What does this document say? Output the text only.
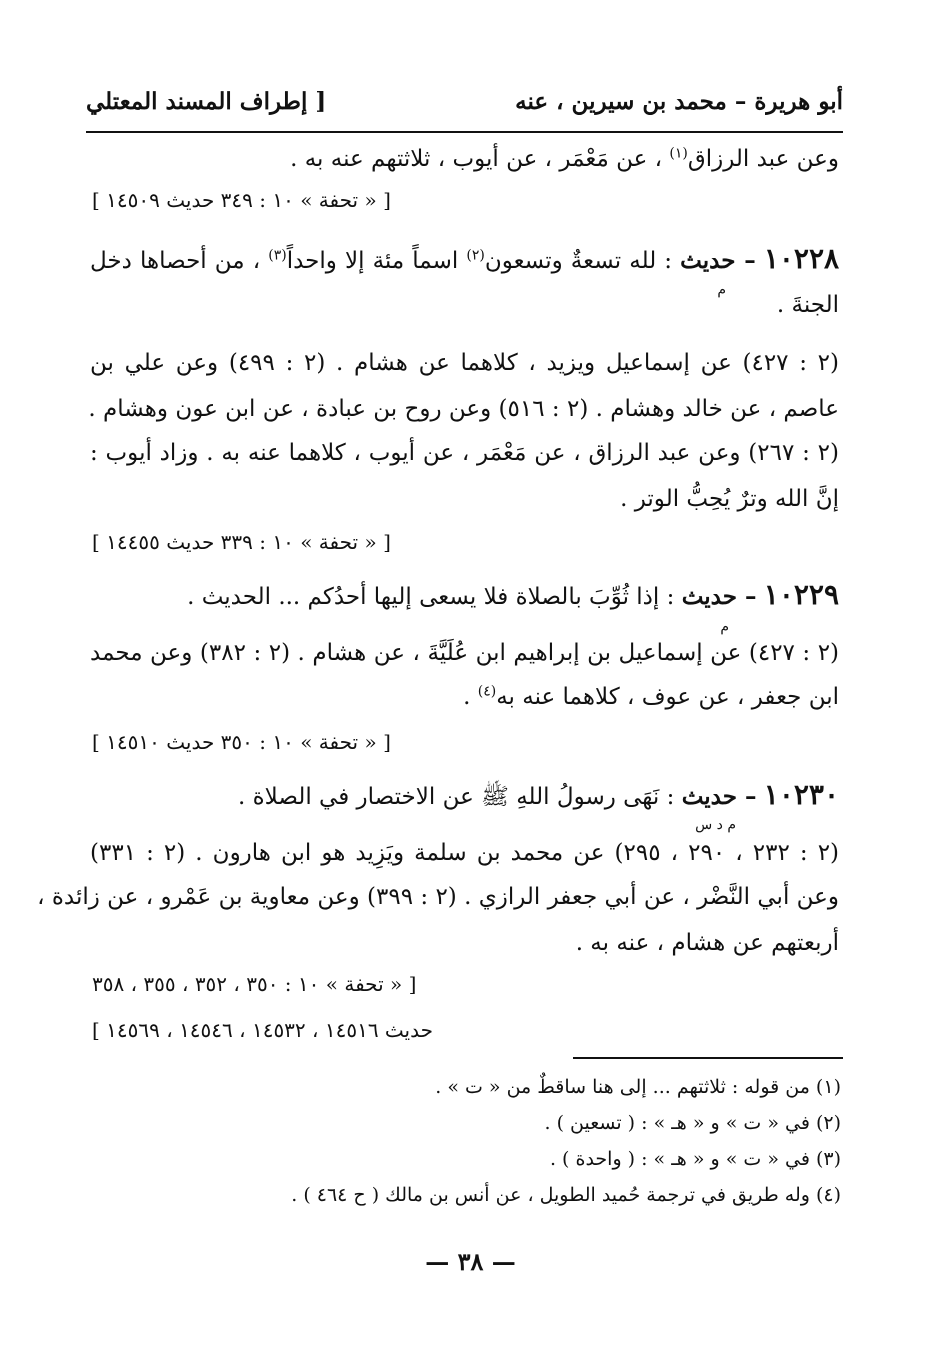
أبو هريرة – محمد بن سيرين ، عنه
[ إطراف المسند المعتلي
وعن عبد الرزاق$^{(١)}$ ، عن مَعْمَر ، عن أيوب ، ثلاثتهم عنه به .
[ « تحفة » ١٠ : ٣٤٩ حديث ١٤٥٠٩ ]
١٠٢٢٨ – حديث : لله تسعةٌ وتسعون$^{(٢)}$ اسماً مئة إلا واحداً$^{(٣)}$ ، من أحصاها دخل
م
الجنةَ .
(٢ : ٤٢٧) عن إسماعيل ويزيد ، كلاهما عن هشام . (٢ : ٤٩٩) وعن علي بن
عاصم ، عن خالد وهشام . (٢ : ٥١٦) وعن روح بن عبادة ، عن ابن عون وهشام .
(٢ : ٢٦٧) وعن عبد الرزاق ، عن مَعْمَر ، عن أيوب ، كلاهما عنه به . وزاد أيوب :
إنَّ الله وترٌ يُحِبُّ الوتر .
[ « تحفة » ١٠ : ٣٣٩ حديث ١٤٤٥٥ ]
١٠٢٢٩ – حديث : إذا ثُوِّبَ بالصلاة فلا يسعى إليها أحدُكم ... الحديث .
م
(٢ : ٤٢٧) عن إسماعيل بن إبراهيم ابن عُلَيَّةَ ، عن هشام . (٢ : ٣٨٢) وعن محمد
ابن جعفر ، عن عوف ، كلاهما عنه به$^{(٤)}$ .
[ « تحفة » ١٠ : ٣٥٠ حديث ١٤٥١٠ ]
١٠٢٣٠ – حديث : نَهَى رسولُ اللهِ ﷺ عن الاختصار في الصلاة .
م د س
(٢ : ٢٣٢ ، ٢٩٠ ، ٢٩٥) عن محمد بن سلمة ويَزِيد هو ابن هارون . (٢ : ٣٣١)
وعن أبي النَّضْر ، عن أبي جعفر الرازي . (٢ : ٣٩٩) وعن معاوية بن عَمْرو ، عن زائدة ،
أربعتهم عن هشام ، عنه به .
[ « تحفة » ١٠ : ٣٥٠ ، ٣٥٢ ، ٣٥٥ ، ٣٥٨
حديث ١٤٥١٦ ، ١٤٥٣٢ ، ١٤٥٤٦ ، ١٤٥٦٩ ]
(١) من قوله : ثلاثتهم ... إلى هنا ساقطٌ من « ت » .
(٢) في « ت » و « هـ » : ( تسعين ) .
(٣) في « ت » و « هـ » : ( واحدة ) .
(٤) وله طريق في ترجمة حُميد الطويل ، عن أنس بن مالك ( ح ٤٦٤ ) .
— ٣٨ —
